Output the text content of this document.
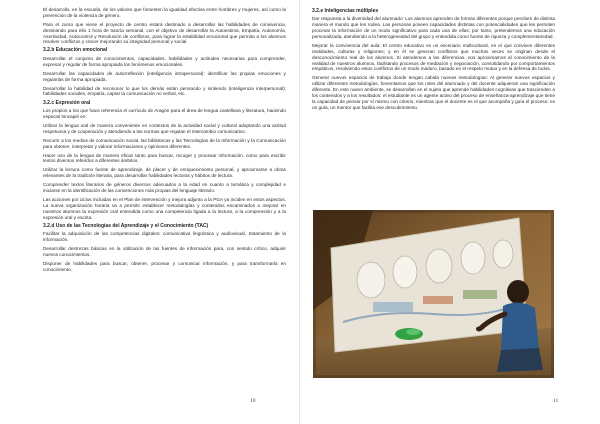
El desarrollo, en la escuela, de los valores que fomenten la igualdad efectiva entre hombres y mujeres, así como la prevención de la violencia de género.

Para el curso que viene el proyecto de centro estará destinado a desarrollar las habilidades de convivencia, destinando para ello 1 hora de tutoría semanal, con el objetivo de desarrollar la Autoestima, Empatía, Autonomía, Asertividad, Autocontrol y Resolución de conflictos, para lograr la estabilidad emocional que permita a los alumnos resolver conflictos y crecer mejorando su integridad personal y social.

3.2.b Educación emocional

Desarrollar el conjunto de conocimientos, capacidades, habilidades y actitudes necesarias para comprender, expresar y regular de forma apropiada los fenómenos emocionales.

Desarrollar las capacidades de autorreflexión (inteligencia intrapersonal): identificar las propias emociones y regularlas de forma apropiada.

Desarrollar la habilidad de reconocer lo que los demás están pensando y sintiendo (inteligencia interpersonal): habilidades sociales, empatía, captar la comunicación no verbal, etc.

3.2.c Expresión oral

Los propios a los que hace referencia el currículo de Aragón para el área de lengua castellana y literatura, haciendo especial hincapié en:

Utilizar la lengua oral de manera conveniente en contextos de la actividad social y cultural adoptando una actitud respetuosa y de cooperación y atendiendo a las normas que regulan el intercambio comunicativo.

Recurrir a los medios de comunicación social, las bibliotecas y las Tecnologías de la Información y la Comunicación para obtener, interpretar y valorar informaciones y opiniones diferentes.

Hacer uso de la lengua de manera eficaz tanto para buscar, recoger y procesar información, como para escribir textos diversos referidos a diferentes ámbitos.

Utilizar la lectura como fuente de aprendizaje, de placer y de enriquecimiento personal, y aproximarse a obras relevantes de la tradición literaria, para desarrollar habilidades lectoras y hábitos de lectura.

Comprender textos literarios de géneros diversos adecuados a la edad en cuanto a temática y complejidad e iniciarse en la identificación de las convenciones más propias del lenguaje literario.

Las acciones por ciclos incluidas en el Plan de intervención y mejora adjunto a la PGA ya inciden en estos aspectos. La nueva organización horaria va a permitir establecer metodologías y contenidos encaminados a mejorar en nuestros alumnos la expresión oral entendida como una competencia ligada a la lectura, a la comprensión y a la expresión oral y escrita.

3.2.d Uso de las Tecnologías del Aprendizaje y el Conocimiento (TAC)

Facilitar la adquisición de las competencias digitales: comunicativa lingüística y audiovisual, tratamiento de la información.

Desarrollar destrezas básicas en la utilización de las fuentes de información para, con sentido crítico, adquirir nuevos conocimientos.

Disponer de habilidades para buscar, obtener, procesar y comunicar información, y para transformarla en conocimiento.

10
3.2.e Inteligencias múltiples

Dar respuesta a la diversidad del alumnado: Los alumnos aprenden de formas diferentes porque perciben de distinta manera el mundo que les rodea. Las personas poseen capacidades distintas con potencialidades que les permiten procesar la información de un modo significativo para cada una de ellas; por tanto, pretendemos una educación personalizada, atendiendo a la heterogeneidad del grupo y entendida como fuente de riqueza y complementariedad.

Mejorar la convivencia del aula: El centro educativo es un escenario multicultural, en el que conviven diferentes realidades, culturas y religiones; y en él se generan conflictos que muchas veces se originan desde el desconocimiento real de los alumnos. Si atendemos a las diferencias, nos aproximamos al conocimiento de la realidad de nuestros alumnos, facilitando procesos de mediación y negociación, consolidando por comportamientos empáticos, resolviendo estos conflictos de un modo maduro, basado en el respeto mutuo y en la defensa de todos.

Generar nuevos espacios de trabajo donde tengan cabida nuevas metodologías: Al generar nuevos espacios y utilizar diferentes metodologías, fomentamos que los roles del alumnado y del docente adquieran una significación diferente. En este nuevo ambiente, se desarrollan en el sujeto que aprende habilidades cognitivas que trascienden a los contenidos y a los resultados: el estudiante es un agente activo del proceso de enseñanza-aprendizaje que tiene la capacidad de pensar por sí mismo con criterio, mientras que el docente es el que acompaña y guía el proceso: es un guía, un mentor que facilita ese descubrimiento.

11
